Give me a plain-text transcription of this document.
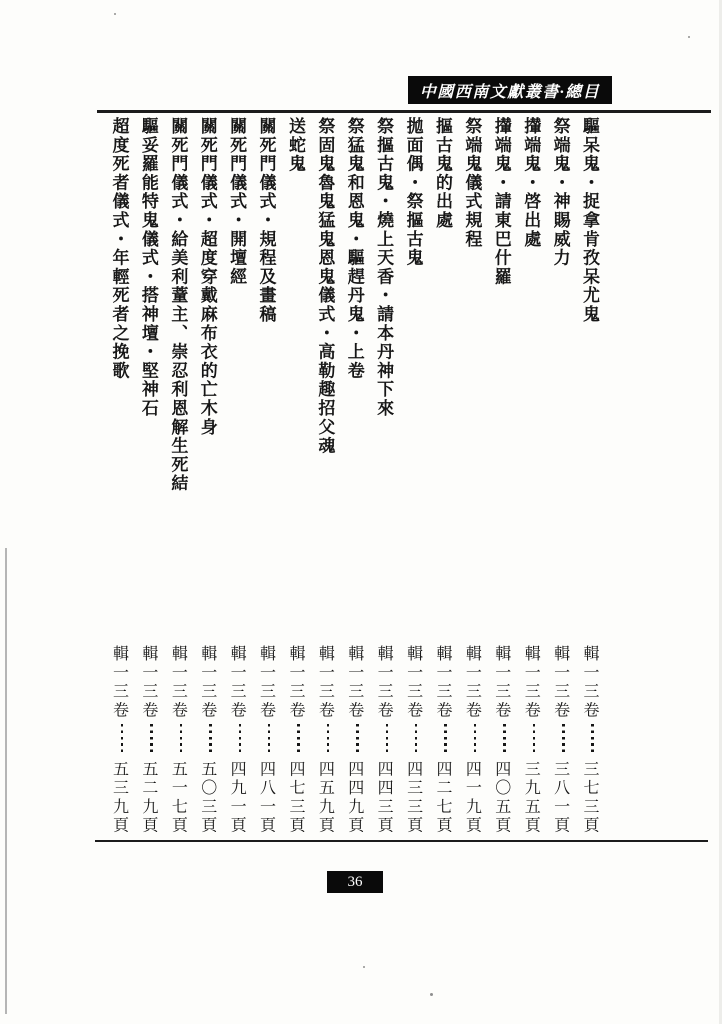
中國西南文獻叢書·總目
驅呆鬼・捉拿肯孜呆尤鬼
祭端鬼・神賜威力
攆端鬼・啓出處
攆端鬼・請東巴什羅
祭端鬼儀式規程
摳古鬼的出處
拋面偶・祭摳古鬼
祭摳古鬼・燒上天香・請本丹神下來
祭猛鬼和恩鬼・驅趕丹鬼・上卷
祭固鬼魯鬼猛鬼恩鬼儀式・高勒趣招父魂
送蛇鬼
關死門儀式・規程及畫稿
關死門儀式・開壇經
關死門儀式・超度穿戴麻布衣的亡木身
關死門儀式・給美利蕫主、崇忍利恩解生死結
驅妥羅能特鬼儀式・搭神壇・堅神石
超度死者儀式・年輕死者之挽歌
輯一三卷三七三頁
輯一三卷三八一頁
輯一三卷三九五頁
輯一三卷四〇五頁
輯一三卷四一九頁
輯一三卷四二七頁
輯一三卷四三三頁
輯一三卷四四三頁
輯一三卷四四九頁
輯一三卷四五九頁
輯一三卷四七三頁
輯一三卷四八一頁
輯一三卷四九一頁
輯一三卷五〇三頁
輯一三卷五一七頁
輯一三卷五二九頁
輯一三卷五三九頁
36
